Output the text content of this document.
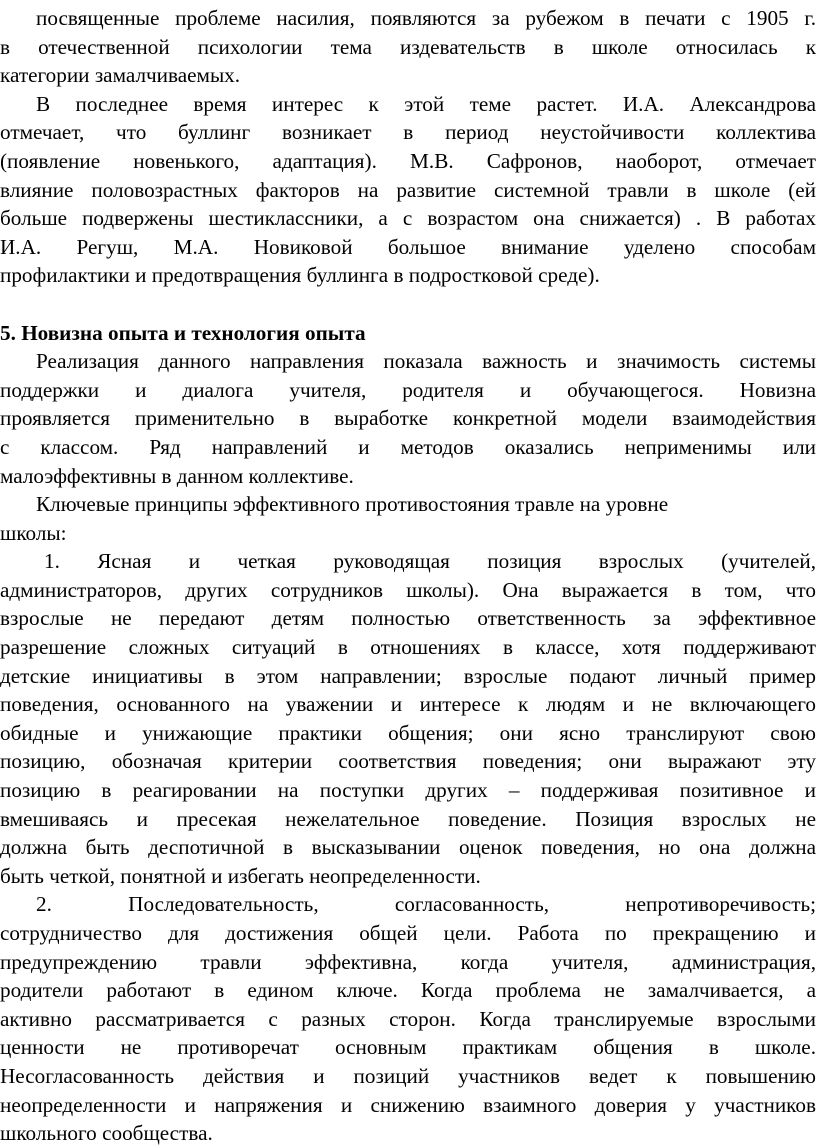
посвященные проблеме насилия, появляются за рубежом в печати с 1905 г.
в отечественной психологии тема издевательств в школе относилась к
категории замалчиваемых.
В последнее время интерес к этой теме растет. И.А. Александрова
отмечает, что буллинг возникает в период неустойчивости коллектива
(появление новенького, адаптация). М.В. Сафронов, наоборот, отмечает
влияние половозрастных факторов на развитие системной травли в школе (ей
больше подвержены шестиклассники, а с возрастом она снижается) . В работах
И.А. Регуш, М.А. Новиковой большое внимание уделено способам
профилактики и предотвращения буллинга в подростковой среде).
5. Новизна опыта и технология опыта
Реализация данного направления показала важность и значимость системы
поддержки и диалога учителя, родителя и обучающегося. Новизна
проявляется применительно в выработке конкретной модели взаимодействия
с классом. Ряд направлений и методов оказались неприменимы или
малоэффективны в данном коллективе.
Ключевые принципы эффективного противостояния травле на уровне
школы:
1. Ясная и четкая руководящая позиция взрослых (учителей,
администраторов, других сотрудников школы). Она выражается в том, что
взрослые не передают детям полностью ответственность за эффективное
разрешение сложных ситуаций в отношениях в классе, хотя поддерживают
детские инициативы в этом направлении; взрослые подают личный пример
поведения, основанного на уважении и интересе к людям и не включающего
обидные и унижающие практики общения; они ясно транслируют свою
позицию, обозначая критерии соответствия поведения; они выражают эту
позицию в реагировании на поступки других – поддерживая позитивное и
вмешиваясь и пресекая нежелательное поведение. Позиция взрослых не
должна быть деспотичной в высказывании оценок поведения, но она должна
быть четкой, понятной и избегать неопределенности.
2. Последовательность, согласованность, непротиворечивость;
сотрудничество для достижения общей цели. Работа по прекращению и
предупреждению травли эффективна, когда учителя, администрация,
родители работают в едином ключе. Когда проблема не замалчивается, а
активно рассматривается с разных сторон. Когда транслируемые взрослыми
ценности не противоречат основным практикам общения в школе.
Несогласованность действия и позиций участников ведет к повышению
неопределенности и напряжения и снижению взаимного доверия у участников
школьного сообщества.
